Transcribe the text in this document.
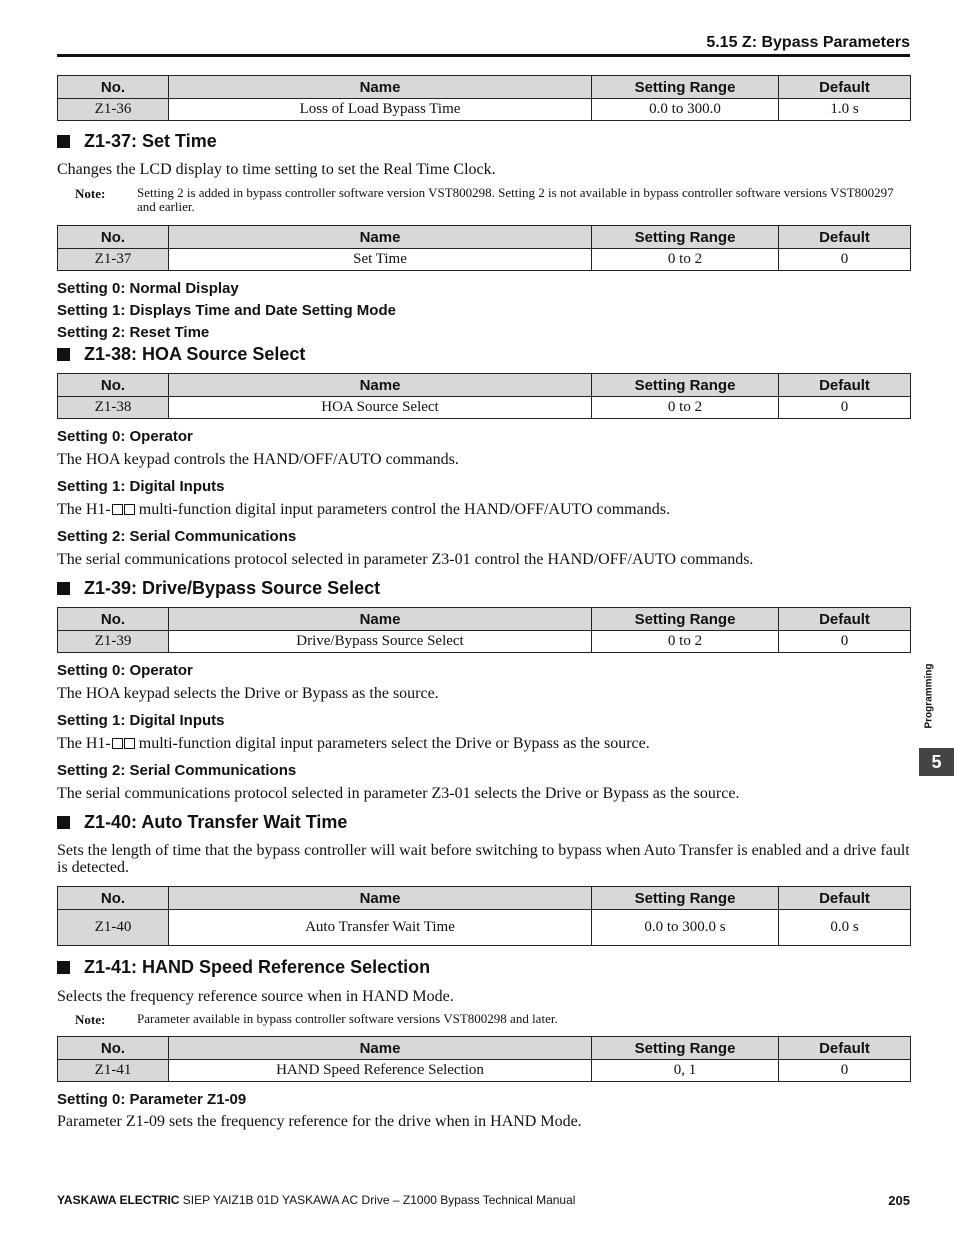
5.15 Z: Bypass Parameters
No.	Name	Setting Range	Default
Z1-36	Loss of Load Bypass Time	0.0 to 300.0	1.0 s
Z1-37: Set Time
Changes the LCD display to time setting to set the Real Time Clock.
Note: Setting 2 is added in bypass controller software version VST800298. Setting 2 is not available in bypass controller software versions VST800297 and earlier.
No.	Name	Setting Range	Default
Z1-37	Set Time	0 to 2	0
Setting 0: Normal Display
Setting 1: Displays Time and Date Setting Mode
Setting 2: Reset Time
Z1-38: HOA Source Select
No.	Name	Setting Range	Default
Z1-38	HOA Source Select	0 to 2	0
Setting 0: Operator
The HOA keypad controls the HAND/OFF/AUTO commands.
Setting 1: Digital Inputs
The H1- multi-function digital input parameters control the HAND/OFF/AUTO commands.
Setting 2: Serial Communications
The serial communications protocol selected in parameter Z3-01 control the HAND/OFF/AUTO commands.
Z1-39: Drive/Bypass Source Select
No.	Name	Setting Range	Default
Z1-39	Drive/Bypass Source Select	0 to 2	0
Setting 0: Operator
The HOA keypad selects the Drive or Bypass as the source.
Setting 1: Digital Inputs
The H1- multi-function digital input parameters select the Drive or Bypass as the source.
Setting 2: Serial Communications
The serial communications protocol selected in parameter Z3-01 selects the Drive or Bypass as the source.
Z1-40: Auto Transfer Wait Time
Sets the length of time that the bypass controller will wait before switching to bypass when Auto Transfer is enabled and a drive fault is detected.
No.	Name	Setting Range	Default
Z1-40	Auto Transfer Wait Time	0.0 to 300.0 s	0.0 s
Z1-41: HAND Speed Reference Selection
Selects the frequency reference source when in HAND Mode.
Note: Parameter available in bypass controller software versions VST800298 and later.
No.	Name	Setting Range	Default
Z1-41	HAND Speed Reference Selection	0, 1	0
Setting 0: Parameter Z1-09
Parameter Z1-09 sets the frequency reference for the drive when in HAND Mode.
Programming
5
YASKAWA ELECTRIC SIEP YAIZ1B 01D YASKAWA AC Drive – Z1000 Bypass Technical Manual	205
